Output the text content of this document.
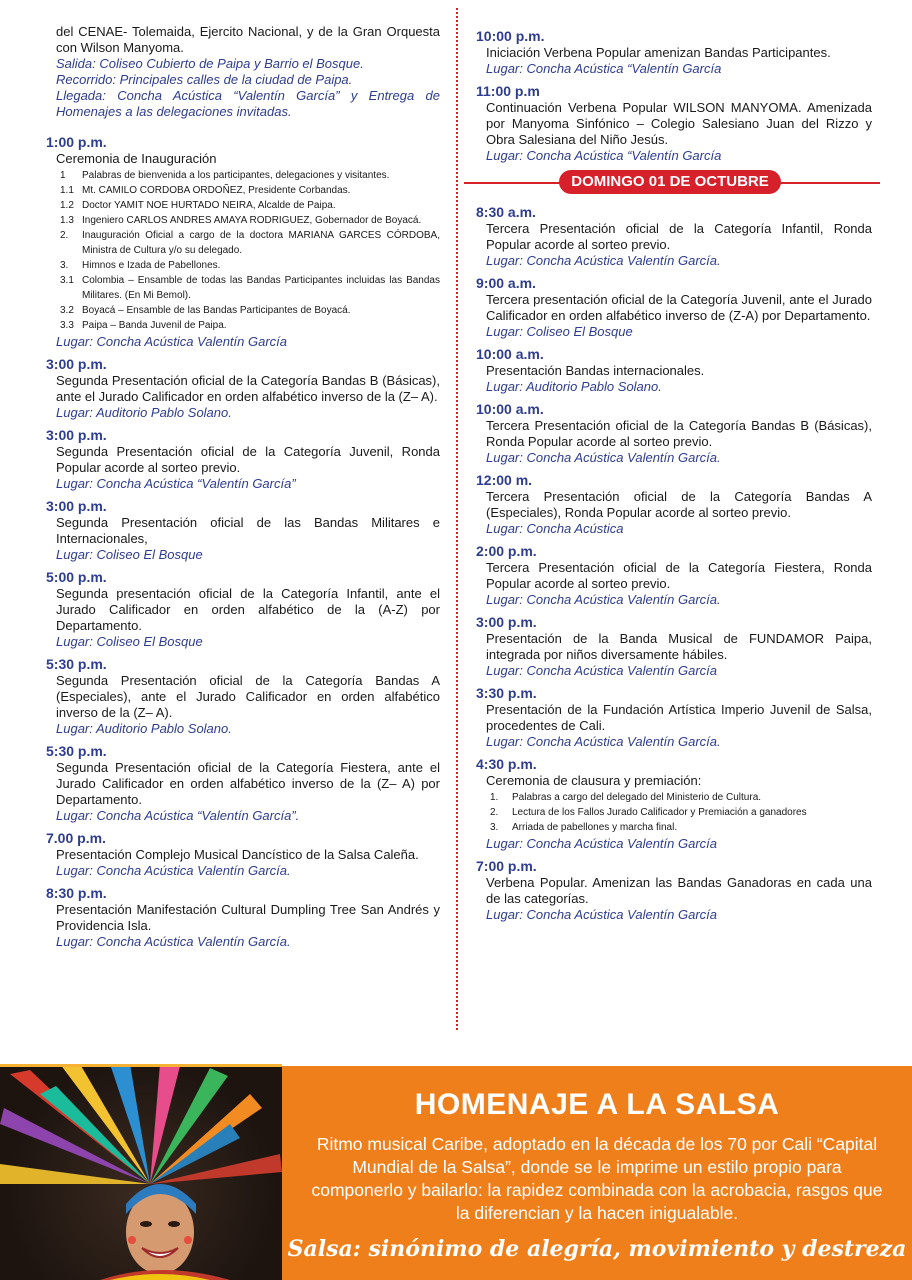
del CENAE- Tolemaida, Ejercito Nacional, y de la Gran Orquesta con Wilson Manyoma.
Salida: Coliseo Cubierto de Paipa y Barrio el Bosque.
Recorrido: Principales calles de la ciudad de Paipa.
Llegada: Concha Acústica “Valentín García” y Entrega de Homenajes a las delegaciones invitadas.
1:00 p.m.
Ceremonia de Inauguración
1	Palabras de bienvenida a los participantes, delegaciones y visitantes.
1.1 Mt. CAMILO CORDOBA ORDOÑEZ, Presidente Corbandas.
1.2 Doctor YAMIT NOE HURTADO NEIRA, Alcalde de Paipa.
1.3 Ingeniero CARLOS ANDRES AMAYA RODRIGUEZ, Gobernador de Boyacá.
2.	Inauguración Oficial a cargo de la doctora MARIANA GARCES CÓRDOBA, Ministra de Cultura y/o su delegado.
3.	Himnos e Izada de Pabellones.
3.1 Colombia – Ensamble de todas las Bandas Participantes incluidas las Bandas Militares. (En Mi Bemol).
3.2 Boyacá – Ensamble de las Bandas Participantes de Boyacá.
3.3 Paipa – Banda Juvenil de Paipa.
Lugar: Concha Acústica Valentín García
3:00 p.m.
Segunda Presentación oficial de la Categoría Bandas B (Básicas), ante el Jurado Calificador en orden alfabético inverso de la (Z– A).
Lugar: Auditorio Pablo Solano.
3:00 p.m.
Segunda Presentación oficial de la Categoría Juvenil, Ronda Popular acorde al sorteo previo.
Lugar: Concha Acústica “Valentín García”
3:00 p.m.
Segunda Presentación oficial de las Bandas Militares e Internacionales,
Lugar: Coliseo El Bosque
5:00 p.m.
Segunda presentación oficial de la Categoría Infantil, ante el Jurado Calificador en orden alfabético de la (A-Z) por Departamento.
Lugar: Coliseo El Bosque
5:30 p.m.
Segunda Presentación oficial de la Categoría Bandas A (Especiales), ante el Jurado Calificador en orden alfabético inverso de la (Z– A).
Lugar: Auditorio Pablo Solano.
5:30 p.m.
Segunda Presentación oficial de la Categoría Fiestera, ante el Jurado Calificador en orden alfabético inverso de la (Z– A) por Departamento.
Lugar: Concha Acústica “Valentín García”.
7.00 p.m.
Presentación Complejo Musical Dancístico de la Salsa Caleña.
Lugar: Concha Acústica Valentín García.
8:30 p.m.
Presentación Manifestación Cultural Dumpling Tree San Andrés y Providencia Isla.
Lugar: Concha Acústica Valentín García.
10:00 p.m.
Iniciación Verbena Popular amenizan Bandas Participantes.
Lugar: Concha Acústica “Valentín García
11:00 p.m
Continuación Verbena Popular WILSON MANYOMA. Amenizada por Manyoma Sinfónico – Colegio Salesiano Juan del Rizzo y Obra Salesiana del Niño Jesús.
Lugar: Concha Acústica “Valentín García
DOMINGO 01 DE OCTUBRE
8:30 a.m.
Tercera Presentación oficial de la Categoría Infantil, Ronda Popular acorde al sorteo previo.
Lugar: Concha Acústica Valentín García.
9:00 a.m.
Tercera presentación oficial de la Categoría Juvenil, ante el Jurado Calificador en orden alfabético inverso de (Z-A) por Departamento.
Lugar: Coliseo El Bosque
10:00 a.m.
Presentación Bandas internacionales.
Lugar: Auditorio Pablo Solano.
10:00 a.m.
Tercera Presentación oficial de la Categoría Bandas B (Básicas), Ronda Popular acorde al sorteo previo.
Lugar: Concha Acústica Valentín García.
12:00 m.
Tercera Presentación oficial de la Categoría Bandas A (Especiales), Ronda Popular acorde al sorteo previo.
Lugar: Concha Acústica
2:00 p.m.
Tercera Presentación oficial de la Categoría Fiestera, Ronda Popular acorde al sorteo previo.
Lugar: Concha Acústica Valentín García.
3:00 p.m.
Presentación de la Banda Musical de FUNDAMOR Paipa, integrada por niños diversamente hábiles.
Lugar: Concha Acústica Valentín García
3:30 p.m.
Presentación de la Fundación Artística Imperio Juvenil de Salsa, procedentes de Cali.
Lugar: Concha Acústica Valentín García.
4:30 p.m.
Ceremonia de clausura y premiación:
1.	Palabras a cargo del delegado del Ministerio de Cultura.
2.	Lectura de los Fallos Jurado Calificador y Premiación a ganadores
3.	Arriada de pabellones y marcha final.
Lugar: Concha Acústica Valentín García
7:00 p.m.
Verbena Popular. Amenizan las Bandas Ganadoras en cada una de las categorías.
Lugar: Concha Acústica Valentín García
HOMENAJE A LA SALSA
Ritmo musical Caribe, adoptado en la década de los 70 por Cali “Capital Mundial de la Salsa”, donde se le imprime un estilo propio para componerlo y bailarlo: la rapidez combinada con la acrobacia, rasgos que la diferencian y la hacen inigualable.
Salsa: sinónimo de alegría, movimiento y destreza
